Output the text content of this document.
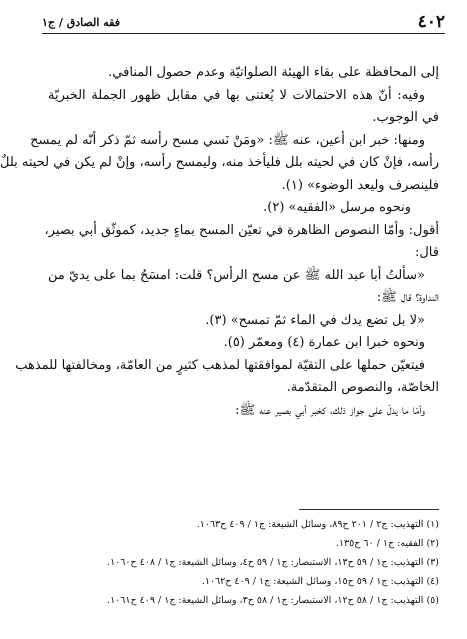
٤٠٢
فقه الصادق / ج١
إلى المحافظة على بقاء الهيئة الصلواتيّة وعدم حصول المنافي.
وفيه: أنّ هذه الاحتمالات لا يُعتنى بها في مقابل ظهور الجملة الخبريّة
في الوجوب.
ومنها: خبر ابن أعين، عنه ﷺ: «ومَنْ نَسي مسح رأسه ثمّ ذكر أنّه لم يمسح
رأسه، فإنْ كان في لحيته بلل فليأخذ منه، وليمسح رأسه، وإنْ لم يكن في لحيته بللٌ
فلينصرف وليعد الوضوء» (١).
ونحوه مرسل «الفقيه» (٢).
أقول: وأمّا النصوص الظاهرة في تعيّن المسح بماءٍ جديد، كموثّق أبي بصير،
قال:
«سألتُ أبا عبد الله ﷺ عن مسح الرأس؟ قلت: امسَحُ بما على يديّ من
النداوة؟ قال ﷺ:
«لا بل تضع يدك في الماء ثمّ تمسح» (٣).
ونحوه خبرا ابن عمارة (٤) ومعمّر (٥).
فيتعيّن حملها على التقيّة لموافقتها لمذهب كثيرٍ من العامّة، ومخالفتها للمذهب
الخاصّة، والنصوص المتقدّمة.
وأمّا ما يدلّ على جواز ذلك، كخبر أبي بصير عنه ﷺ:
(١) التهذيب: ج٢ / ٢٠١ ح٨٩، وسائل الشيعة: ج١ / ٤٠٩ ح١٠٦٣.
(٢) الفقيه: ج١ / ٦٠ ح١٣٥.
(٣) التهذيب: ج١ / ٥٩ ح١٣، الاستبصار: ج١ / ٥٩ ح٤، وسائل الشيعة: ج١ / ٤٠٨ ح١٠٦٠.
(٤) التهذيب: ج١ / ٥٩ ح١٥، وسائل الشيعة: ج١ / ٤٠٩ ح١٠٦٢.
(٥) التهذيب: ج١ / ٥٨ ح١٢، الاستبصار: ج١ / ٥٨ ح٣، وسائل الشيعة: ج١ / ٤٠٩ ح١٠٦١.
